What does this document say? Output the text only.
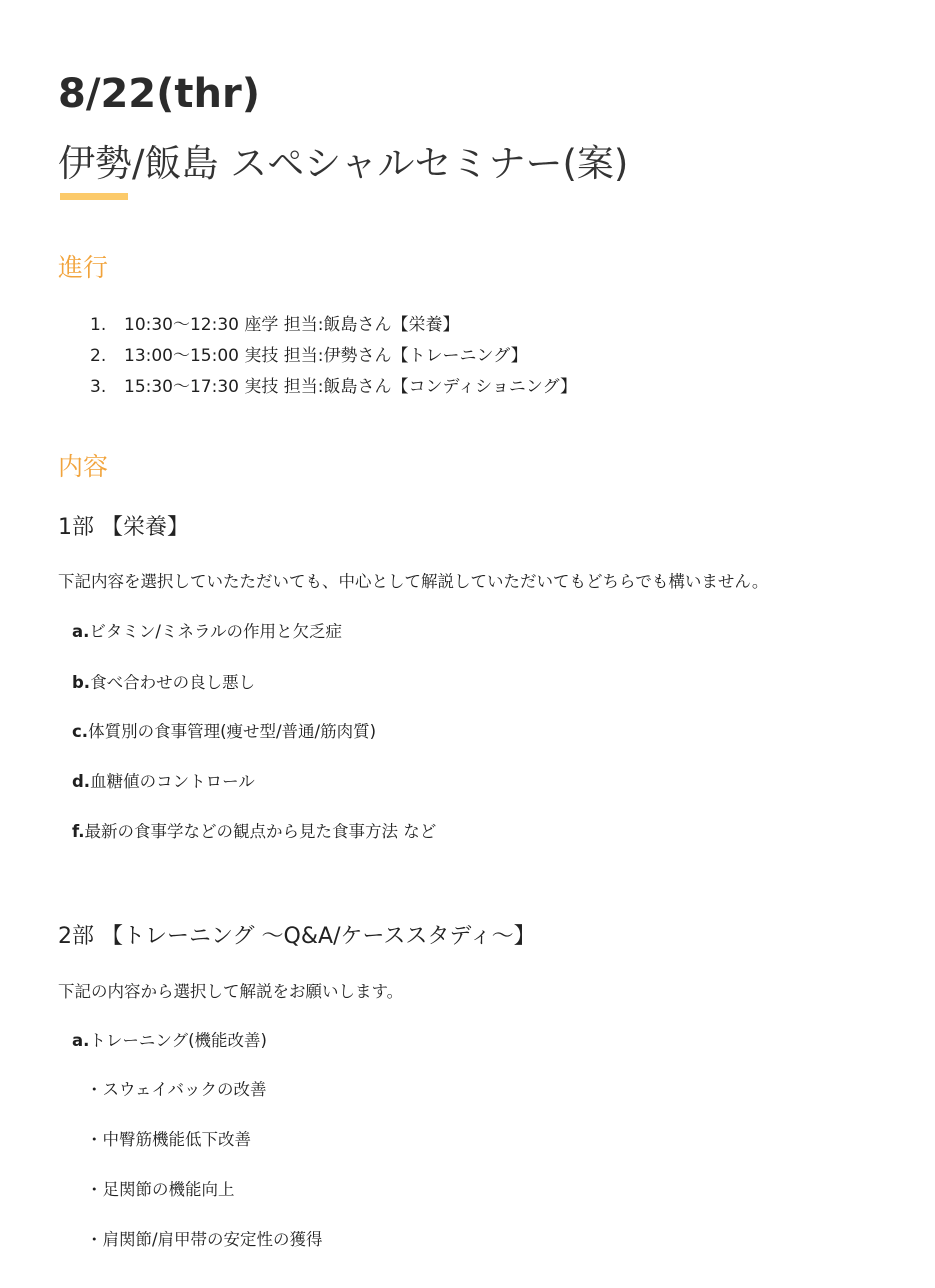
8/22(thr)
伊勢/飯島 スペシャルセミナー(案)
進行
1. 10:30〜12:30 座学 担当:飯島さん【栄養】
2. 13:00〜15:00 実技 担当:伊勢さん【トレーニング】
3. 15:30〜17:30 実技 担当:飯島さん【コンディショニング】
内容
1部 【栄養】
下記内容を選択していたただいても、中心として解説していただいてもどちらでも構いません。
a.ビタミン/ミネラルの作用と欠乏症
b.食べ合わせの良し悪し
c.体質別の食事管理(痩せ型/普通/筋肉質)
d.血糖値のコントロール
f.最新の食事学などの観点から見た食事方法 など
2部 【トレーニング 〜Q&A/ケーススタディ〜】
下記の内容から選択して解説をお願いします。
a.トレーニング(機能改善)
・スウェイバックの改善
・中臀筋機能低下改善
・足関節の機能向上
・肩関節/肩甲帯の安定性の獲得
